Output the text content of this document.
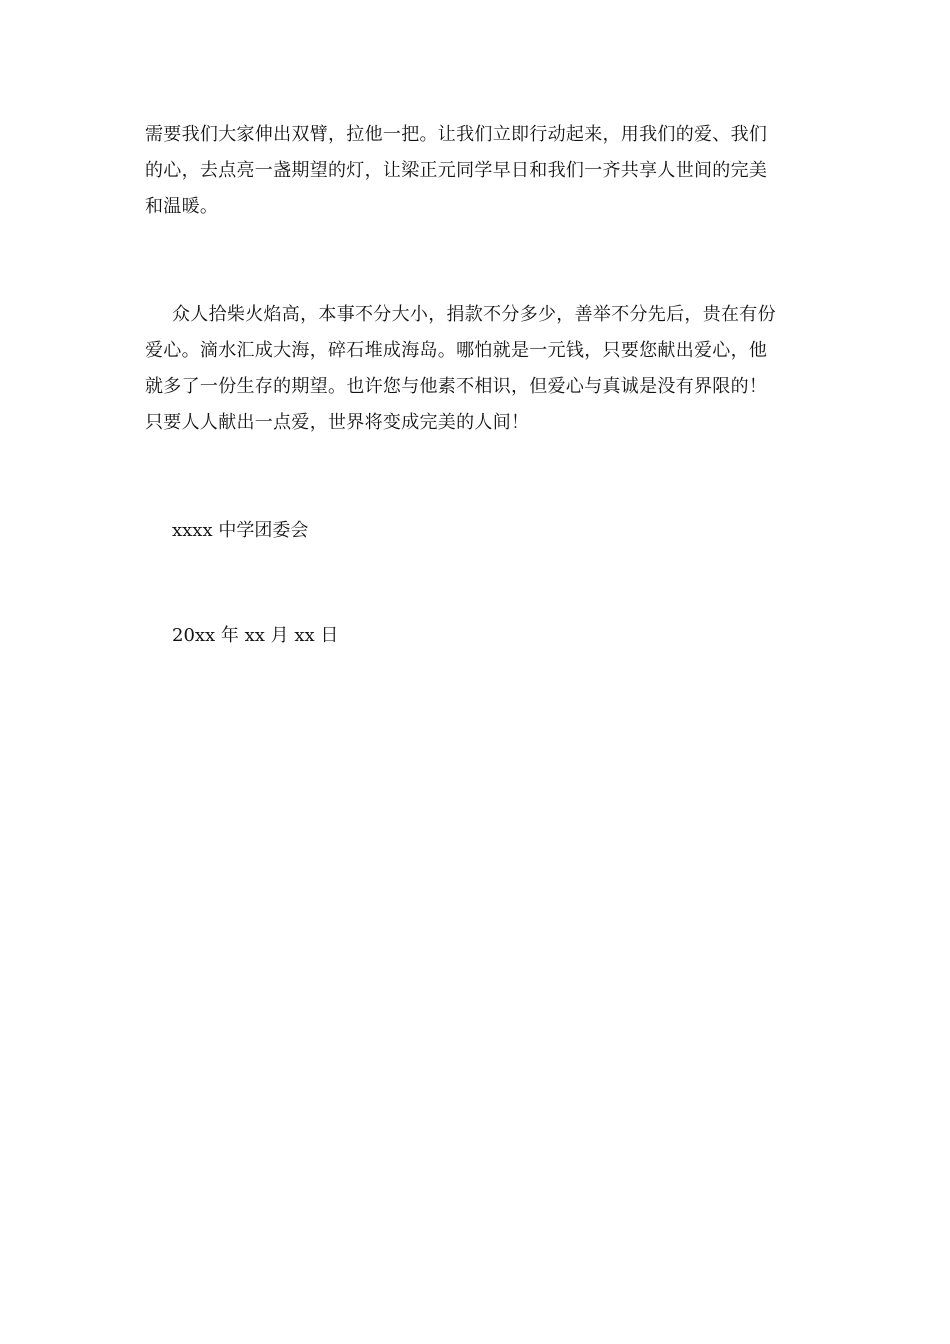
需要我们大家伸出双臂，拉他一把。让我们立即行动起来，用我们的爱、我们
的心，去点亮一盏期望的灯，让梁正元同学早日和我们一齐共享人世间的完美
和温暖。
众人拾柴火焰高，本事不分大小，捐款不分多少，善举不分先后，贵在有份
爱心。滴水汇成大海，碎石堆成海岛。哪怕就是一元钱，只要您献出爱心，他
就多了一份生存的期望。也许您与他素不相识，但爱心与真诚是没有界限的！
只要人人献出一点爱，世界将变成完美的人间！
xxxx 中学团委会
20xx 年 xx 月 xx 日
